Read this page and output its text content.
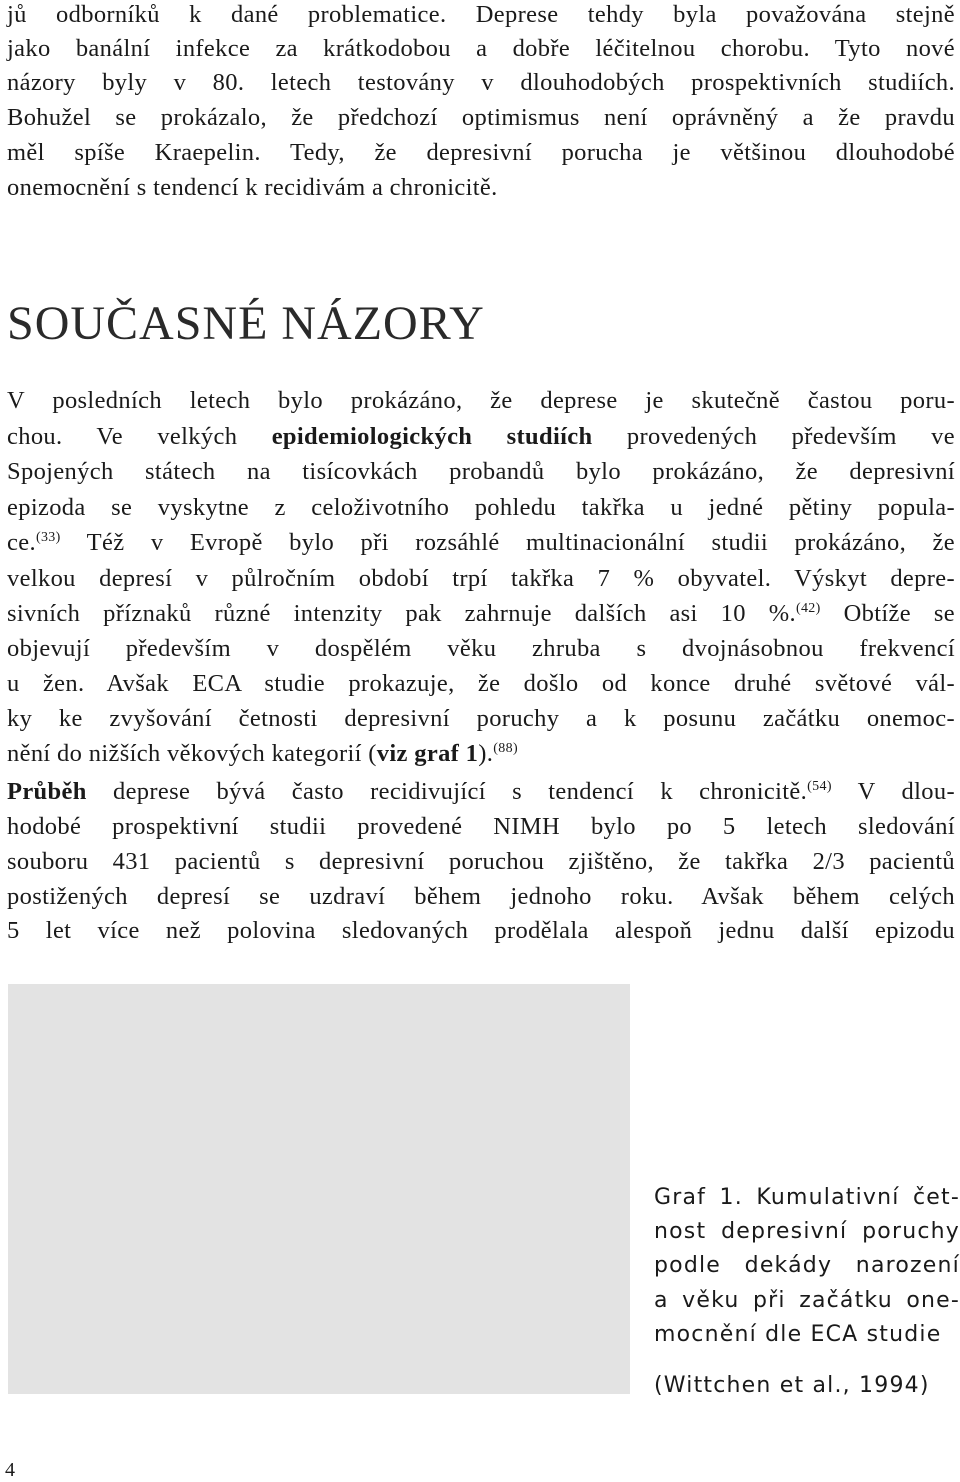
jů odborníků k dané problematice. Deprese tehdy byla považována stejně
jako banální infekce za krátkodobou a dobře léčitelnou chorobu. Tyto nové
názory byly v 80. letech testovány v dlouhodobých prospektivních studiích.
Bohužel se prokázalo, že předchozí optimismus není oprávněný a že pravdu
měl spíše Kraepelin. Tedy, že depresivní porucha je většinou dlouhodobé
onemocnění s tendencí k recidivám a chronicitě.
SOUČASNÉ NÁZORY
V posledních letech bylo prokázáno, že deprese je skutečně častou poru-
chou. Ve velkých epidemiologických studiích provedených především ve
Spojených státech na tisícovkách probandů bylo prokázáno, že depresivní
epizoda se vyskytne z celoživotního pohledu takřka u jedné pětiny popula-
ce.$^{(33)}$ Též v Evropě bylo při rozsáhlé multinacionální studii prokázáno, že
velkou depresí v půlročním období trpí takřka 7 % obyvatel. Výskyt depre-
sivních příznaků různé intenzity pak zahrnuje dalších asi 10 %.$^{(42)}$ Obtíže se
objevují především v dospělém věku zhruba s dvojnásobnou frekvencí
u žen. Avšak ECA studie prokazuje, že došlo od konce druhé světové vál-
ky ke zvyšování četnosti depresivní poruchy a k posunu začátku onemoc-
nění do nižších věkových kategorií (viz graf 1).$^{(88)}$
Průběh deprese bývá často recidivující s tendencí k chronicitě.$^{(54)}$ V dlou-
hodobé prospektivní studii provedené NIMH bylo po 5 letech sledování
souboru 431 pacientů s depresivní poruchou zjištěno, že takřka 2/3 pacientů
postižených depresí se uzdraví během jednoho roku. Avšak během celých
5 let více než polovina sledovaných prodělala alespoň jednu další epizodu
Graf 1. Kumulativní čet-
nost depresivní poruchy
podle dekády narození
a věku při začátku one-
mocnění dle ECA studie
(Wittchen et al., 1994)
4
